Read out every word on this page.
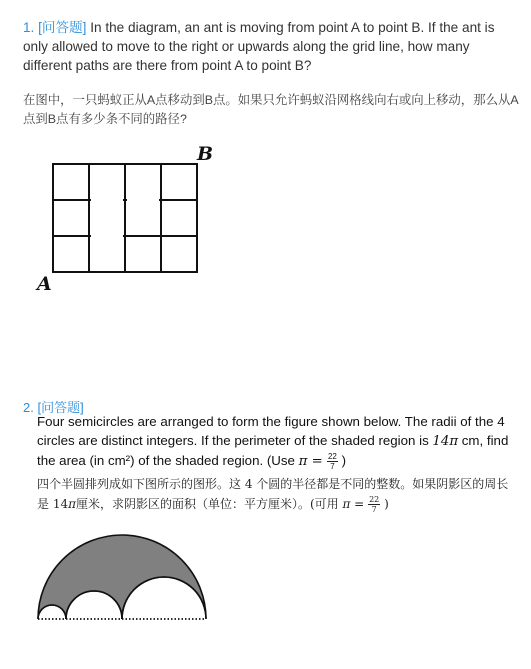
1. [问答题] In the diagram, an ant is moving from point A to point B. If the ant is only allowed to move to the right or upwards along the grid line, how many different paths are there from point A to point B?
在图中，一只蚂蚁正从A点移动到B点。如果只允许蚂蚁沿网格线向右或向上移动，那么从A点到B点有多少条不同的路径?
B
A
2. [问答题]
Four semicircles are arranged to form the figure shown below. The radii of the 4 circles are distinct integers. If the perimeter of the shaded region is 14π cm, find the area (in cm²) of the shaded region. (Use $\pi = \frac{22}{7}$ )
四个半圆排列成如下图所示的图形。这 4 个圆的半径都是不同的整数。如果阴影区的周长是 14π厘米，求阴影区的面积（单位：平方厘米）。(可用 $\pi = \frac{22}{7}$ )
